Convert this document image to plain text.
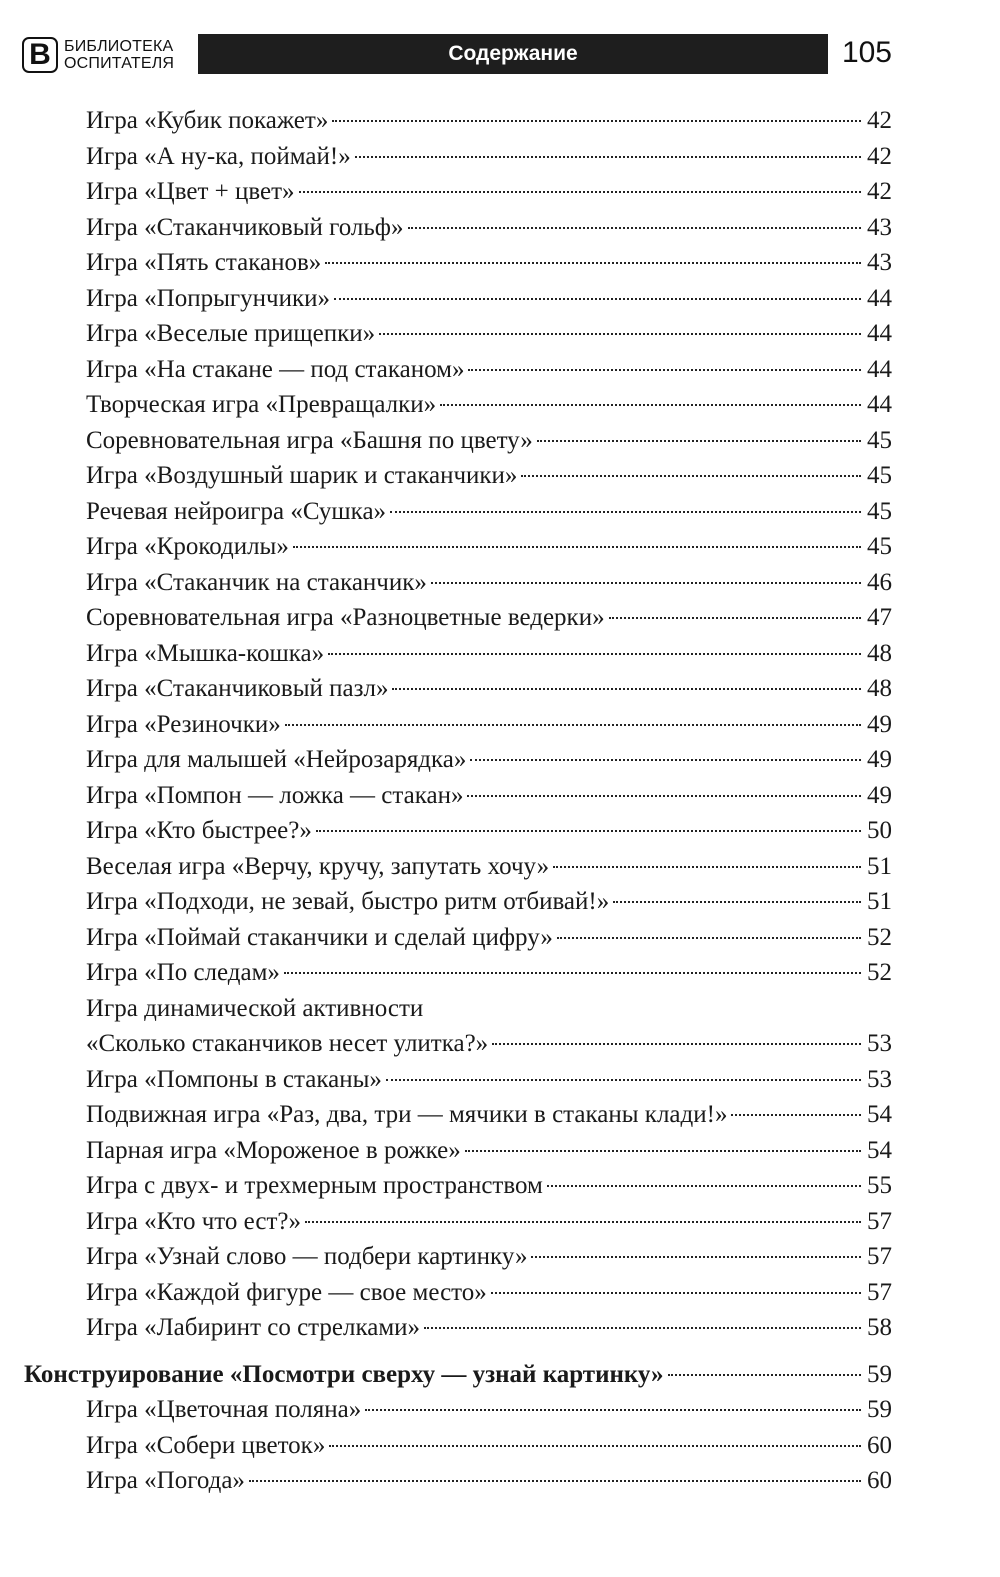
В БИБЛИОТЕКА
ОСПИТАТЕЛЯ	Содержание	105
Игра «Кубик покажет»	42
Игра «А ну-ка, поймай!»	42
Игра «Цвет + цвет»	42
Игра «Стаканчиковый гольф»	43
Игра «Пять стаканов»	43
Игра «Попрыгунчики»	44
Игра «Веселые прищепки»	44
Игра «На стакане — под стаканом»	44
Творческая игра «Превращалки»	44
Соревновательная игра «Башня по цвету»	45
Игра «Воздушный шарик и стаканчики»	45
Речевая нейроигра «Сушка»	45
Игра «Крокодилы»	45
Игра «Стаканчик на стаканчик»	46
Соревновательная игра «Разноцветные ведерки»	47
Игра «Мышка-кошка»	48
Игра «Стаканчиковый пазл»	48
Игра «Резиночки»	49
Игра для малышей «Нейрозарядка»	49
Игра «Помпон — ложка — стакан»	49
Игра «Кто быстрее?»	50
Веселая игра «Верчу, кручу, запутать хочу»	51
Игра «Подходи, не зевай, быстро ритм отбивай!»	51
Игра «Поймай стаканчики и сделай цифру»	52
Игра «По следам»	52
Игра динамической активности
«Сколько стаканчиков несет улитка?»	53
Игра «Помпоны в стаканы»	53
Подвижная игра «Раз, два, три — мячики в стаканы клади!»	54
Парная игра «Мороженое в рожке»	54
Игра с двух- и трехмерным пространством	55
Игра «Кто что ест?»	57
Игра «Узнай слово — подбери картинку»	57
Игра «Каждой фигуре — свое место»	57
Игра «Лабиринт со стрелками»	58
Конструирование «Посмотри сверху — узнай картинку»	59
Игра «Цветочная поляна»	59
Игра «Собери цветок»	60
Игра «Погода»	60
